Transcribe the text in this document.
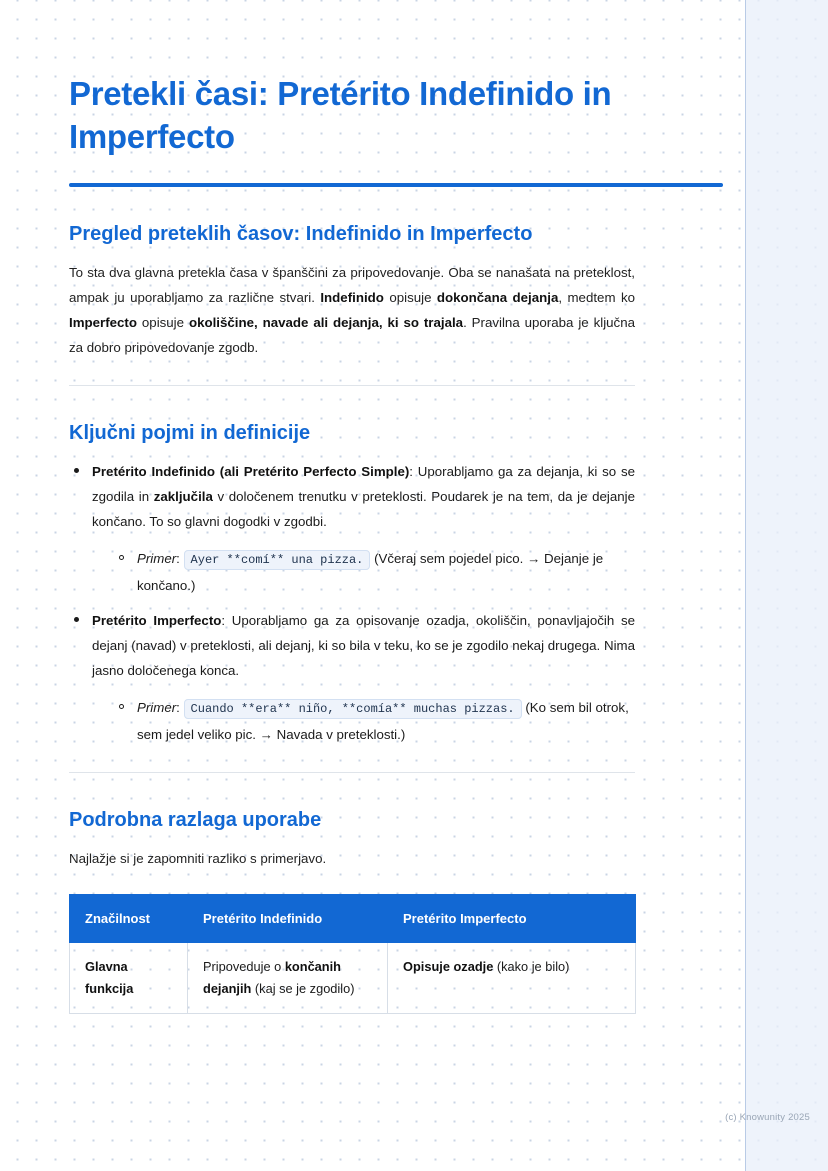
Pretekli časi: Pretérito Indefinido in Imperfecto
Pregled preteklih časov: Indefinido in Imperfecto

To sta dva glavna pretekla časa v španščini za pripovedovanje. Oba se nanašata na preteklost, ampak ju uporabljamo za različne stvari. Indefinido opisuje dokončana dejanja, medtem ko Imperfecto opisuje okoliščine, navade ali dejanja, ki so trajala. Pravilna uporaba je ključna za dobro pripovedovanje zgodb.

Ključni pojmi in definicije
Pretérito Indefinido (ali Pretérito Perfecto Simple): Uporabljamo ga za dejanja, ki so se zgodila in zaključila v določenem trenutku v preteklosti. Poudarek je na tem, da je dejanje končano. To so glavni dogodki v zgodbi.
Primer: Ayer **comí** una pizza. (Včeraj sem pojedel pico. → Dejanje je končano.)
Pretérito Imperfecto: Uporabljamo ga za opisovanje ozadja, okoliščin, ponavljajočih se dejanj (navad) v preteklosti, ali dejanj, ki so bila v teku, ko se je zgodilo nekaj drugega. Nima jasno določenega konca.
Primer: Cuando **era** niño, **comía** muchas pizzas. (Ko sem bil otrok, sem jedel veliko pic. → Navada v preteklosti.)
Podrobna razlaga uporabe

Najlažje si je zapomniti razliko s primerjavo.

Značilnost	Pretérito Indefinido	Pretérito Imperfecto
Glavna funkcija	Pripoveduje o končanih dejanjih (kaj se je zgodilo)	Opisuje ozadje (kako je bilo)
(c) Knowunity 2025
